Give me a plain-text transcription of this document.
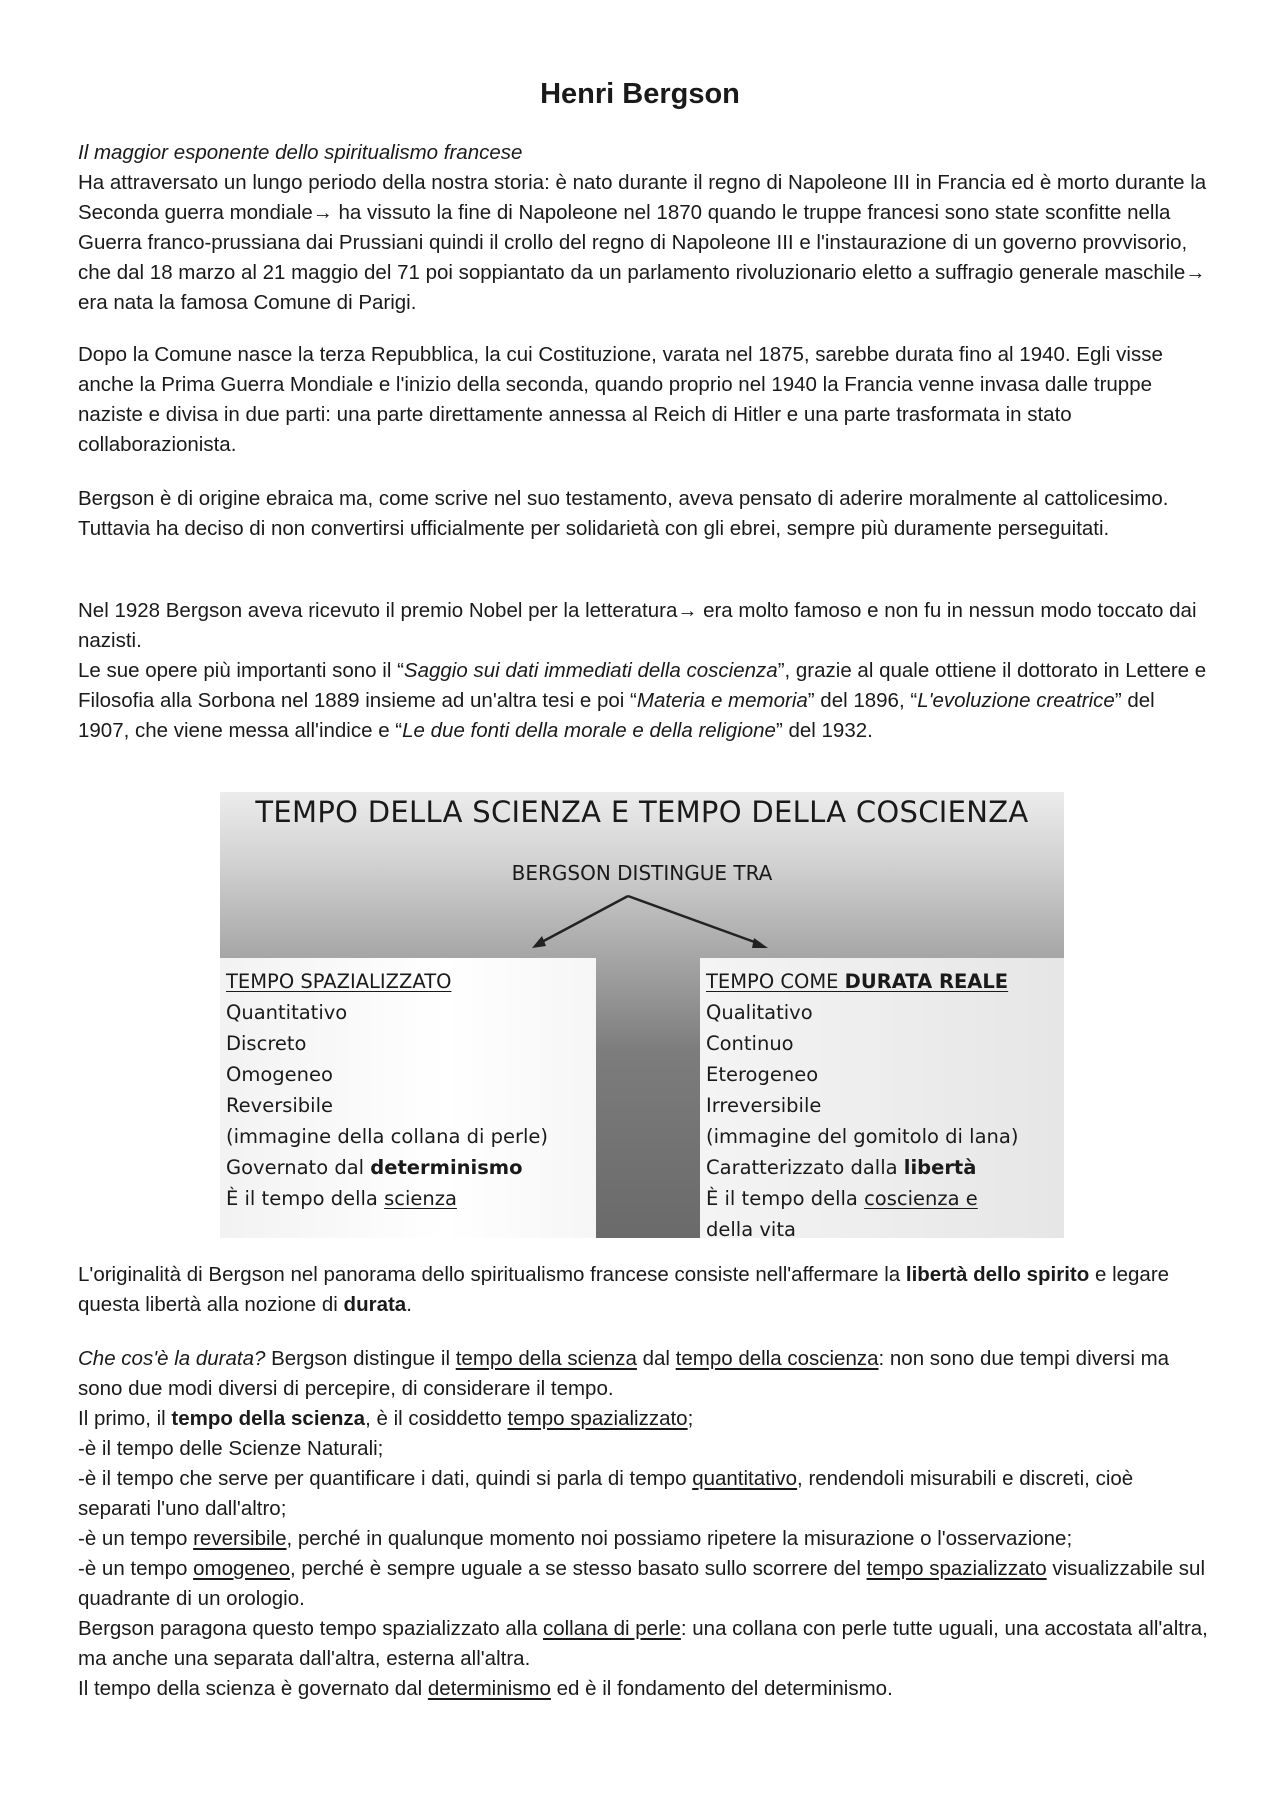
Henri Bergson

Il maggior esponente dello spiritualismo francese

Ha attraversato un lungo periodo della nostra storia: è nato durante il regno di Napoleone III in Francia ed è morto durante la Seconda guerra mondiale→ ha vissuto la fine di Napoleone nel 1870 quando le truppe francesi sono state sconfitte nella Guerra franco-prussiana dai Prussiani quindi il crollo del regno di Napoleone III e l'instaurazione di un governo provvisorio, che dal 18 marzo al 21 maggio del 71 poi soppiantato da un parlamento rivoluzionario eletto a suffragio generale maschile→ era nata la famosa Comune di Parigi.

Dopo la Comune nasce la terza Repubblica, la cui Costituzione, varata nel 1875, sarebbe durata fino al 1940. Egli visse anche la Prima Guerra Mondiale e l'inizio della seconda, quando proprio nel 1940 la Francia venne invasa dalle truppe naziste e divisa in due parti: una parte direttamente annessa al Reich di Hitler e una parte trasformata in stato collaborazionista.

Bergson è di origine ebraica ma, come scrive nel suo testamento, aveva pensato di aderire moralmente al cattolicesimo. Tuttavia ha deciso di non convertirsi ufficialmente per solidarietà con gli ebrei, sempre più duramente perseguitati.

Nel 1928 Bergson aveva ricevuto il premio Nobel per la letteratura→ era molto famoso e non fu in nessun modo toccato dai nazisti.

Le sue opere più importanti sono il “Saggio sui dati immediati della coscienza”, grazie al quale ottiene il dottorato in Lettere e Filosofia alla Sorbona nel 1889 insieme ad un'altra tesi e poi “Materia e memoria” del 1896, “L'evoluzione creatrice” del 1907, che viene messa all'indice e “Le due fonti della morale e della religione” del 1932.

TEMPO DELLA SCIENZA E TEMPO DELLA COSCIENZA
BERGSON DISTINGUE TRA
TEMPO SPAZIALIZZATO
Quantitativo
Discreto
Omogeneo
Reversibile
(immagine della collana di perle)
Governato dal determinismo
È il tempo della scienza
TEMPO COME DURATA REALE
Qualitativo
Continuo
Eterogeneo
Irreversibile
(immagine del gomitolo di lana)
Caratterizzato dalla libertà
È il tempo della coscienza e
della vita

L'originalità di Bergson nel panorama dello spiritualismo francese consiste nell'affermare la libertà dello spirito e legare questa libertà alla nozione di durata.

Che cos'è la durata? Bergson distingue il tempo della scienza dal tempo della coscienza: non sono due tempi diversi ma sono due modi diversi di percepire, di considerare il tempo.

Il primo, il tempo della scienza, è il cosiddetto tempo spazializzato;

-è il tempo delle Scienze Naturali;

-è il tempo che serve per quantificare i dati, quindi si parla di tempo quantitativo, rendendoli misurabili e discreti, cioè separati l'uno dall'altro;

-è un tempo reversibile, perché in qualunque momento noi possiamo ripetere la misurazione o l'osservazione;

-è un tempo omogeneo, perché è sempre uguale a se stesso basato sullo scorrere del tempo spazializzato visualizzabile sul quadrante di un orologio.

Bergson paragona questo tempo spazializzato alla collana di perle: una collana con perle tutte uguali, una accostata all'altra, ma anche una separata dall'altra, esterna all'altra.

Il tempo della scienza è governato dal determinismo ed è il fondamento del determinismo.
